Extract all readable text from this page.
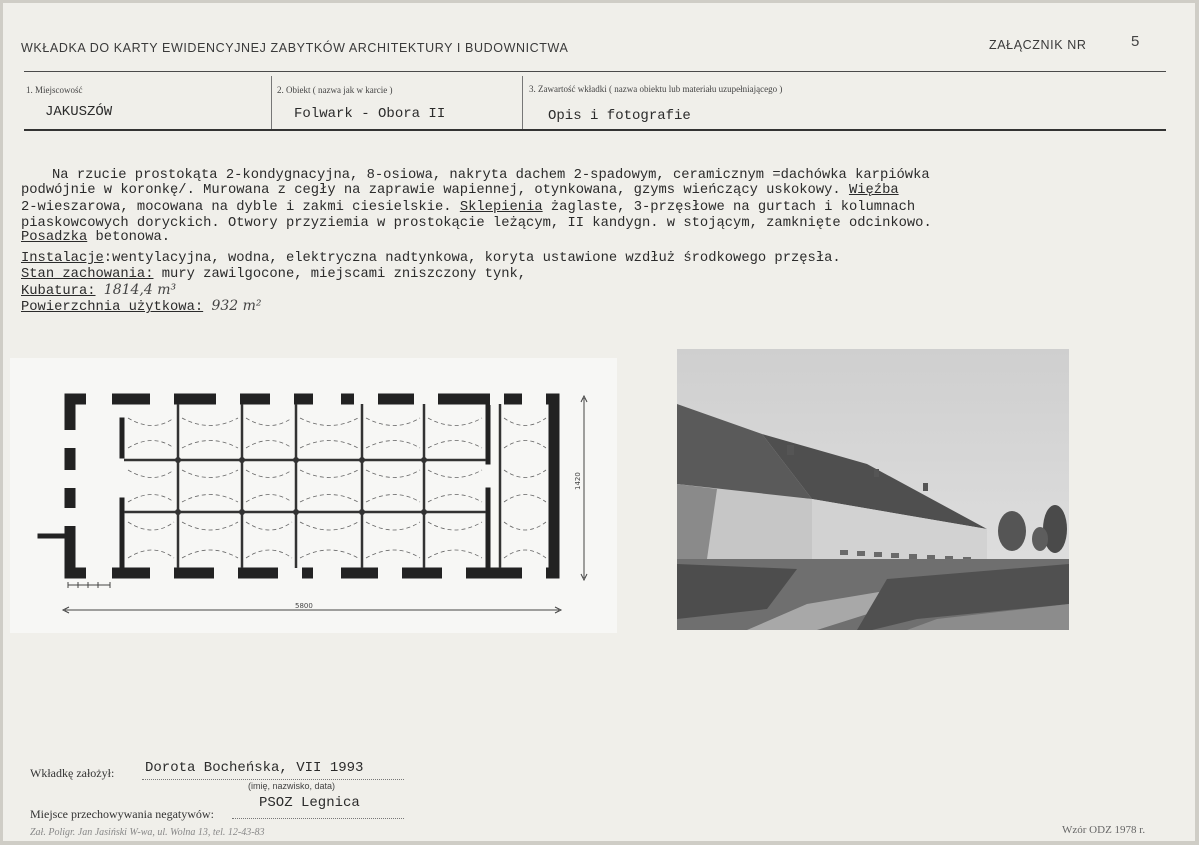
WKŁADKA DO KARTY EWIDENCYJNEJ ZABYTKÓW ARCHITEKTURY I BUDOWNICTWA	ZAŁĄCZNIK NR	5
1. Miejscowość	2. Obiekt ( nazwa jak w karcie )	3. Zawartość wkładki ( nazwa obiektu lub materiału uzupełniającego )
JAKUSZÓW	Folwark - Obora II	Opis i fotografie
Na rzucie prostokąta 2-kondygnacyjna, 8-osiowa, nakryta dachem 2-spadowym, ceramicznym =dachówka karpiówka
podwójnie w koronkę/. Murowana z cegły na zaprawie wapiennej, otynkowana, gzyms wieńczący uskokowy. Więźba
2-wieszarowa, mocowana na dyble i zakmi ciesielskie. Sklepienia żaglaste, 3-przęsłowe na gurtach i kolumnach
piaskowcowych doryckich. Otwory przyziemia w prostokącie leżącym, II kandygn. w stojącym, zamknięte odcinkowo.
Posadzka betonowa.
Instalacje:wentylacyjna, wodna, elektryczna nadtynkowa, koryta ustawione wzdłuż środkowego przęsła.
Stan zachowania: mury zawilgocone, miejscami zniszczony tynk,
Kubatura: 1814,4 m³
Powierzchnia użytkowa: 932 m²
5800
1420
Wkładkę założył: Dorota Bocheńska, VII 1993
(imię, nazwisko, data)
Miejsce przechowywania negatywów:
PSOZ Legnica
Zał. Poligr. Jan Jasiński W-wa, ul. Wolna 13, tel. 12-43-83	Wzór ODZ 1978 r.
